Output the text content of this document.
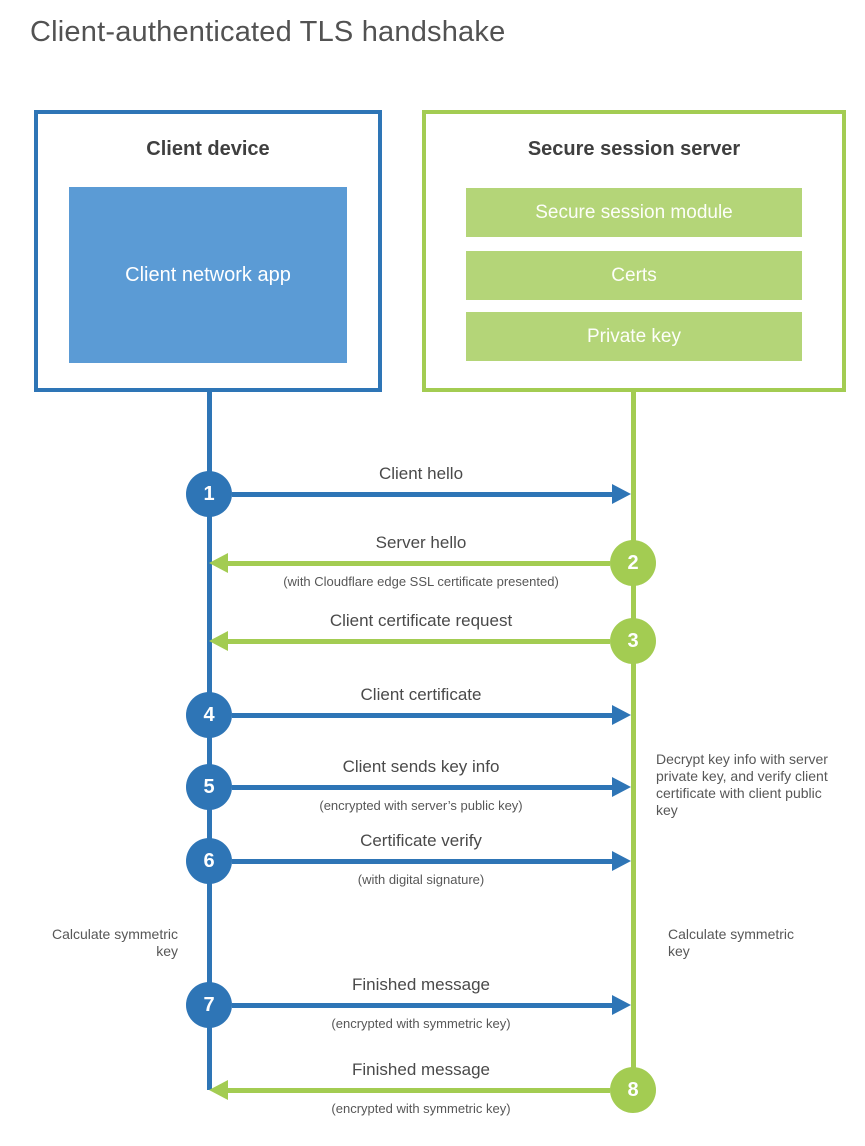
Client-authenticated TLS handshake
Client device
Client network app
Secure session server
Secure session module
Certs
Private key
1
Client hello
2
Server hello
(with Cloudflare edge SSL certificate presented)
3
Client certificate request
4
Client certificate
5
Client sends key info
(encrypted with server’s public key)
6
Certificate verify
(with digital signature)
Decrypt key info with server private key, and verify client certificate with client public key
Calculate symmetric key
Calculate symmetric key
7
Finished message
(encrypted with symmetric key)
8
Finished message
(encrypted with symmetric key)
